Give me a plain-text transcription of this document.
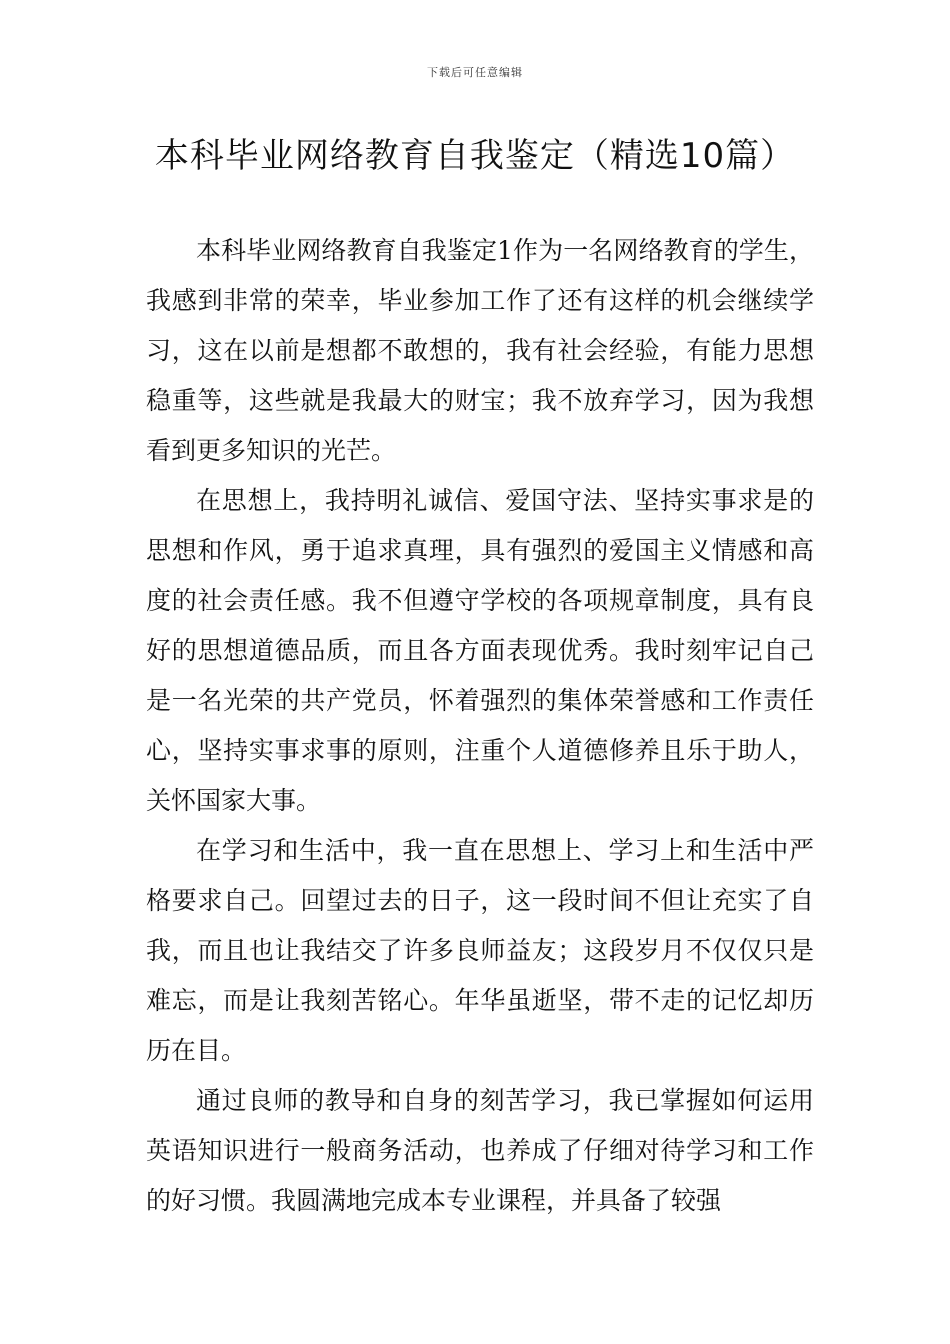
下载后可任意编辑
本科毕业网络教育自我鉴定（精选10篇）

本科毕业网络教育自我鉴定1作为一名网络教育的学生，我感到非常的荣幸，毕业参加工作了还有这样的机会继续学习，这在以前是想都不敢想的，我有社会经验，有能力思想稳重等，这些就是我最大的财宝；我不放弃学习，因为我想看到更多知识的光芒。

在思想上，我持明礼诚信、爱国守法、坚持实事求是的思想和作风，勇于追求真理，具有强烈的爱国主义情感和高度的社会责任感。我不但遵守学校的各项规章制度，具有良好的思想道德品质，而且各方面表现优秀。我时刻牢记自己是一名光荣的共产党员，怀着强烈的集体荣誉感和工作责任心，坚持实事求事的原则，注重个人道德修养且乐于助人，关怀国家大事。

在学习和生活中，我一直在思想上、学习上和生活中严格要求自己。回望过去的日子，这一段时间不但让充实了自我，而且也让我结交了许多良师益友；这段岁月不仅仅只是难忘，而是让我刻苦铭心。年华虽逝坚，带不走的记忆却历历在目。

通过良师的教导和自身的刻苦学习，我已掌握如何运用英语知识进行一般商务活动，也养成了仔细对待学习和工作的好习惯。我圆满地完成本专业课程，并具备了较强
